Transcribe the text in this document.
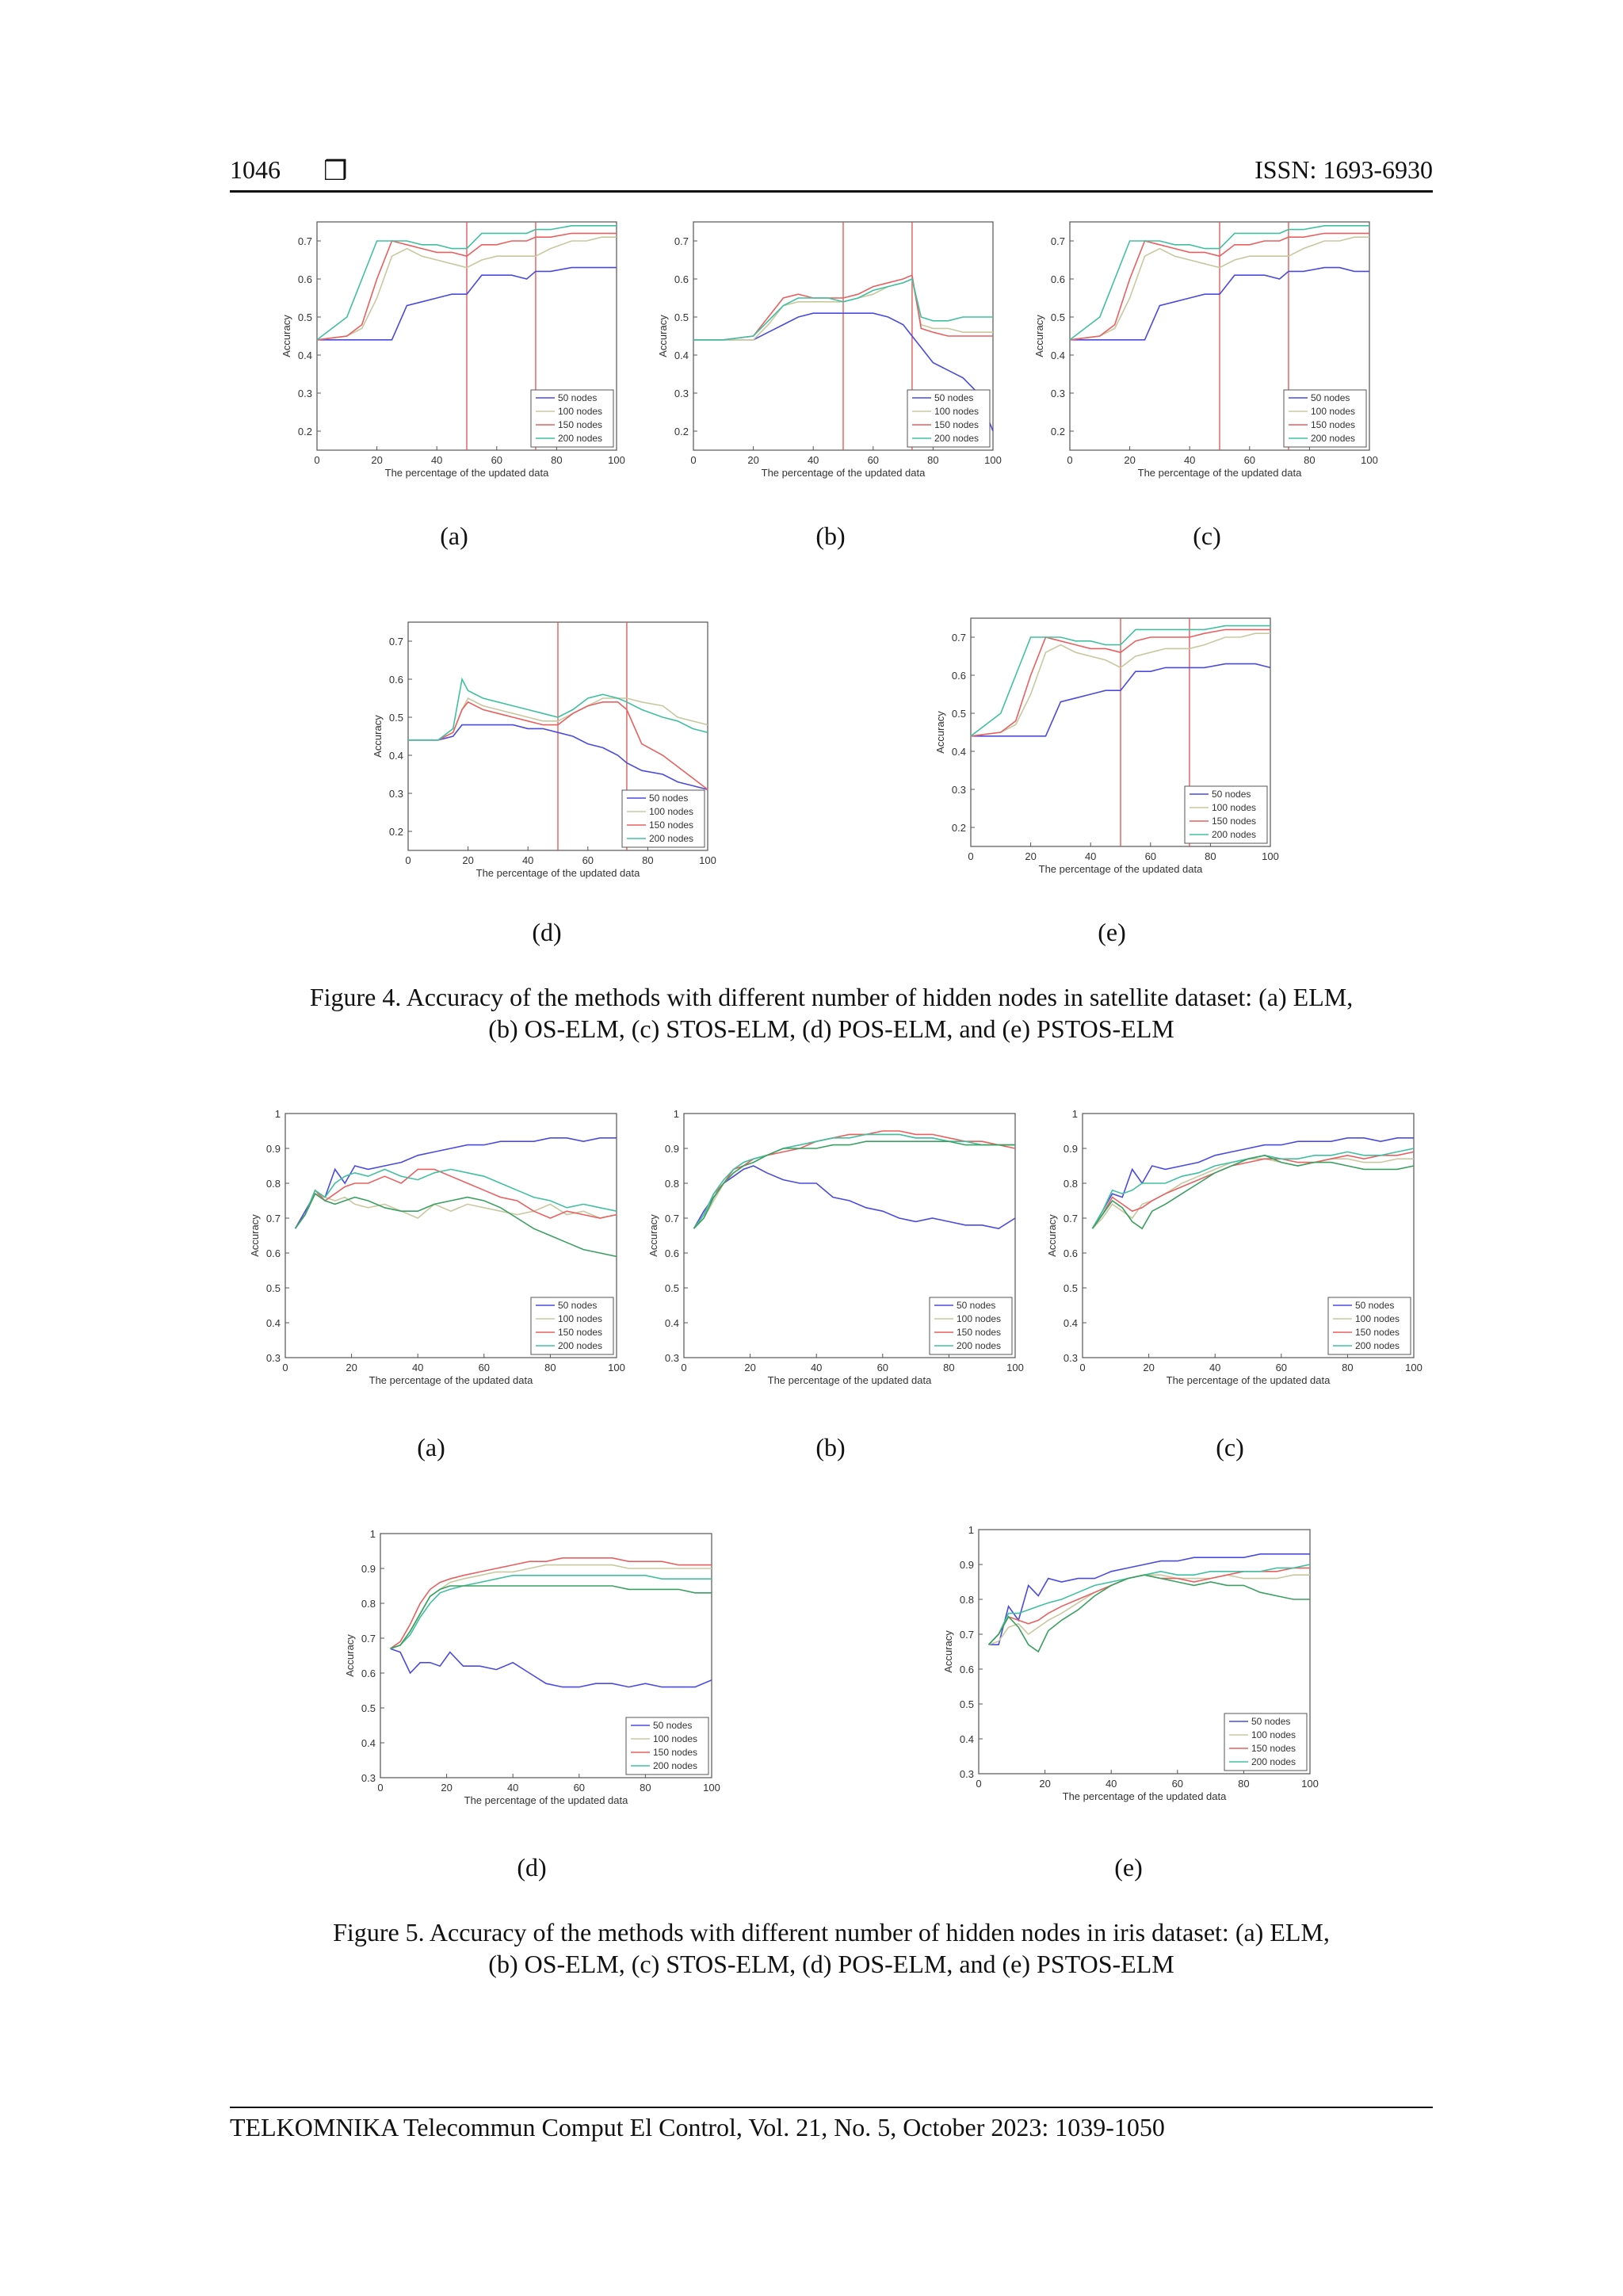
1046 ❒	ISSN: 1693-6930
0.2
0.3
0.4
0.5
0.6
0.7
0	20	40	60	80	100
The percentage of the updated data
Accuracy
50 nodes
100 nodes
150 nodes
200 nodes
0.2
0.3
0.4
0.5
0.6
0.7
0	20	40	60	80	100
The percentage of the updated data
Accuracy
50 nodes
100 nodes
150 nodes
200 nodes
0.2
0.3
0.4
0.5
0.6
0.7
0	20	40	60	80	100
The percentage of the updated data
Accuracy
50 nodes
100 nodes
150 nodes
200 nodes
(a)	(b)	(c)
0.2
0.3
0.4
0.5
0.6
0.7
0	20	40	60	80	100
The percentage of the updated data
Accuracy
50 nodes
100 nodes
150 nodes
200 nodes
0.2
0.3
0.4
0.5
0.6
0.7
0	20	40	60	80	100
The percentage of the updated data
Accuracy
50 nodes
100 nodes
150 nodes
200 nodes
(d)	(e)
Figure 4. Accuracy of the methods with different number of hidden nodes in satellite dataset: (a) ELM,
(b) OS-ELM, (c) STOS-ELM, (d) POS-ELM, and (e) PSTOS-ELM
0.3
0.4
0.5
0.6
0.7
0.8
0.9
1
0	20	40	60	80	100
The percentage of the updated data
Accuracy
50 nodes
100 nodes
150 nodes
200 nodes
0.3
0.4
0.5
0.6
0.7
0.8
0.9
1
0	20	40	60	80	100
The percentage of the updated data
Accuracy
50 nodes
100 nodes
150 nodes
200 nodes
0.3
0.4
0.5
0.6
0.7
0.8
0.9
1
0	20	40	60	80	100
The percentage of the updated data
Accuracy
50 nodes
100 nodes
150 nodes
200 nodes
(a)	(b)	(c)
0.3
0.4
0.5
0.6
0.7
0.8
0.9
1
0	20	40	60	80	100
The percentage of the updated data
Accuracy
50 nodes
100 nodes
150 nodes
200 nodes
0.3
0.4
0.5
0.6
0.7
0.8
0.9
1
0	20	40	60	80	100
The percentage of the updated data
Accuracy
50 nodes
100 nodes
150 nodes
200 nodes
(d)	(e)
Figure 5. Accuracy of the methods with different number of hidden nodes in iris dataset: (a) ELM,
(b) OS-ELM, (c) STOS-ELM, (d) POS-ELM, and (e) PSTOS-ELM
TELKOMNIKA Telecommun Comput El Control, Vol. 21, No. 5, October 2023: 1039-1050
